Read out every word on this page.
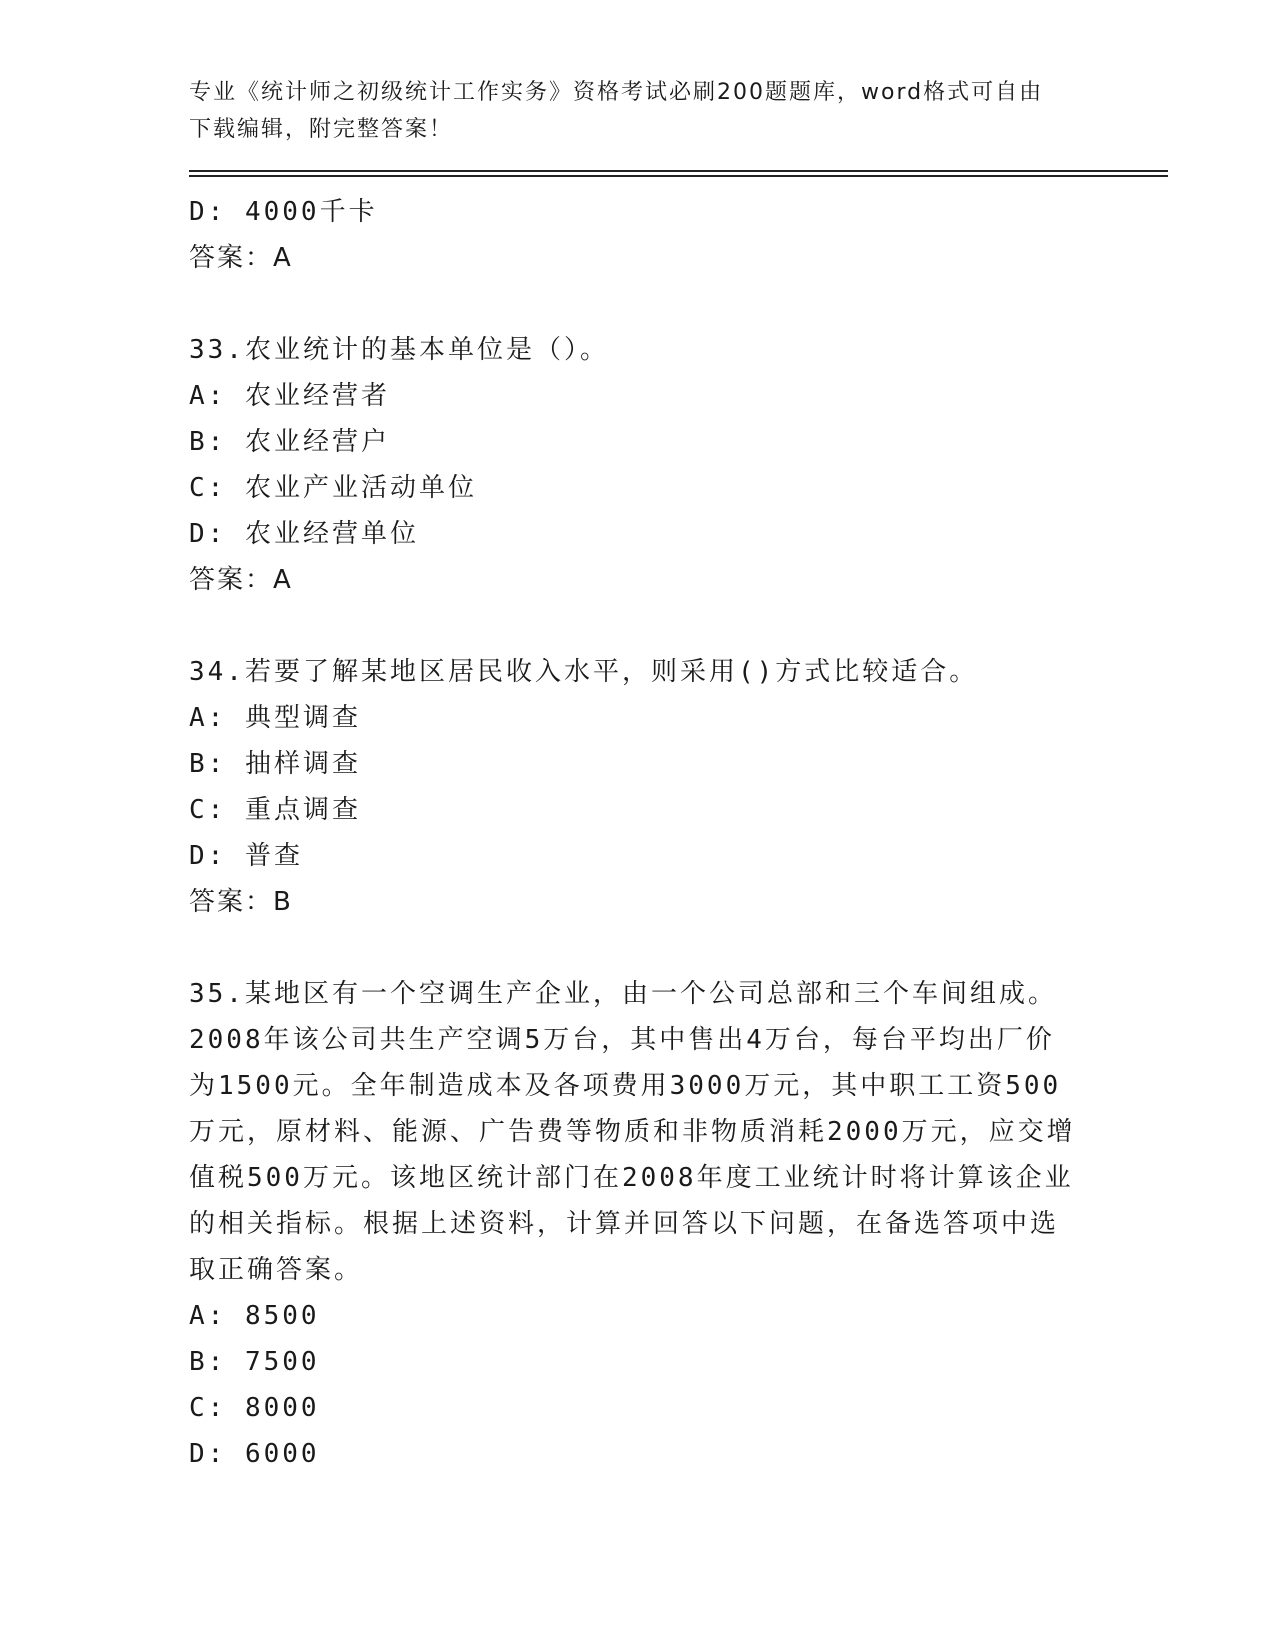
专业《统计师之初级统计工作实务》资格考试必刷200题题库，word格式可自由
下载编辑，附完整答案！
D: 4000千卡
答案：A
33.农业统计的基本单位是（）。
A: 农业经营者
B: 农业经营户
C: 农业产业活动单位
D: 农业经营单位
答案：A
34.若要了解某地区居民收入水平，则采用()方式比较适合。
A: 典型调查
B: 抽样调查
C: 重点调查
D: 普查
答案：B
35.某地区有一个空调生产企业，由一个公司总部和三个车间组成。
2008年该公司共生产空调5万台，其中售出4万台，每台平均出厂价
为1500元。全年制造成本及各项费用3000万元，其中职工工资500
万元，原材料、能源、广告费等物质和非物质消耗2000万元，应交增
值税500万元。该地区统计部门在2008年度工业统计时将计算该企业
的相关指标。根据上述资料，计算并回答以下问题，在备选答项中选
取正确答案。
A: 8500
B: 7500
C: 8000
D: 6000
